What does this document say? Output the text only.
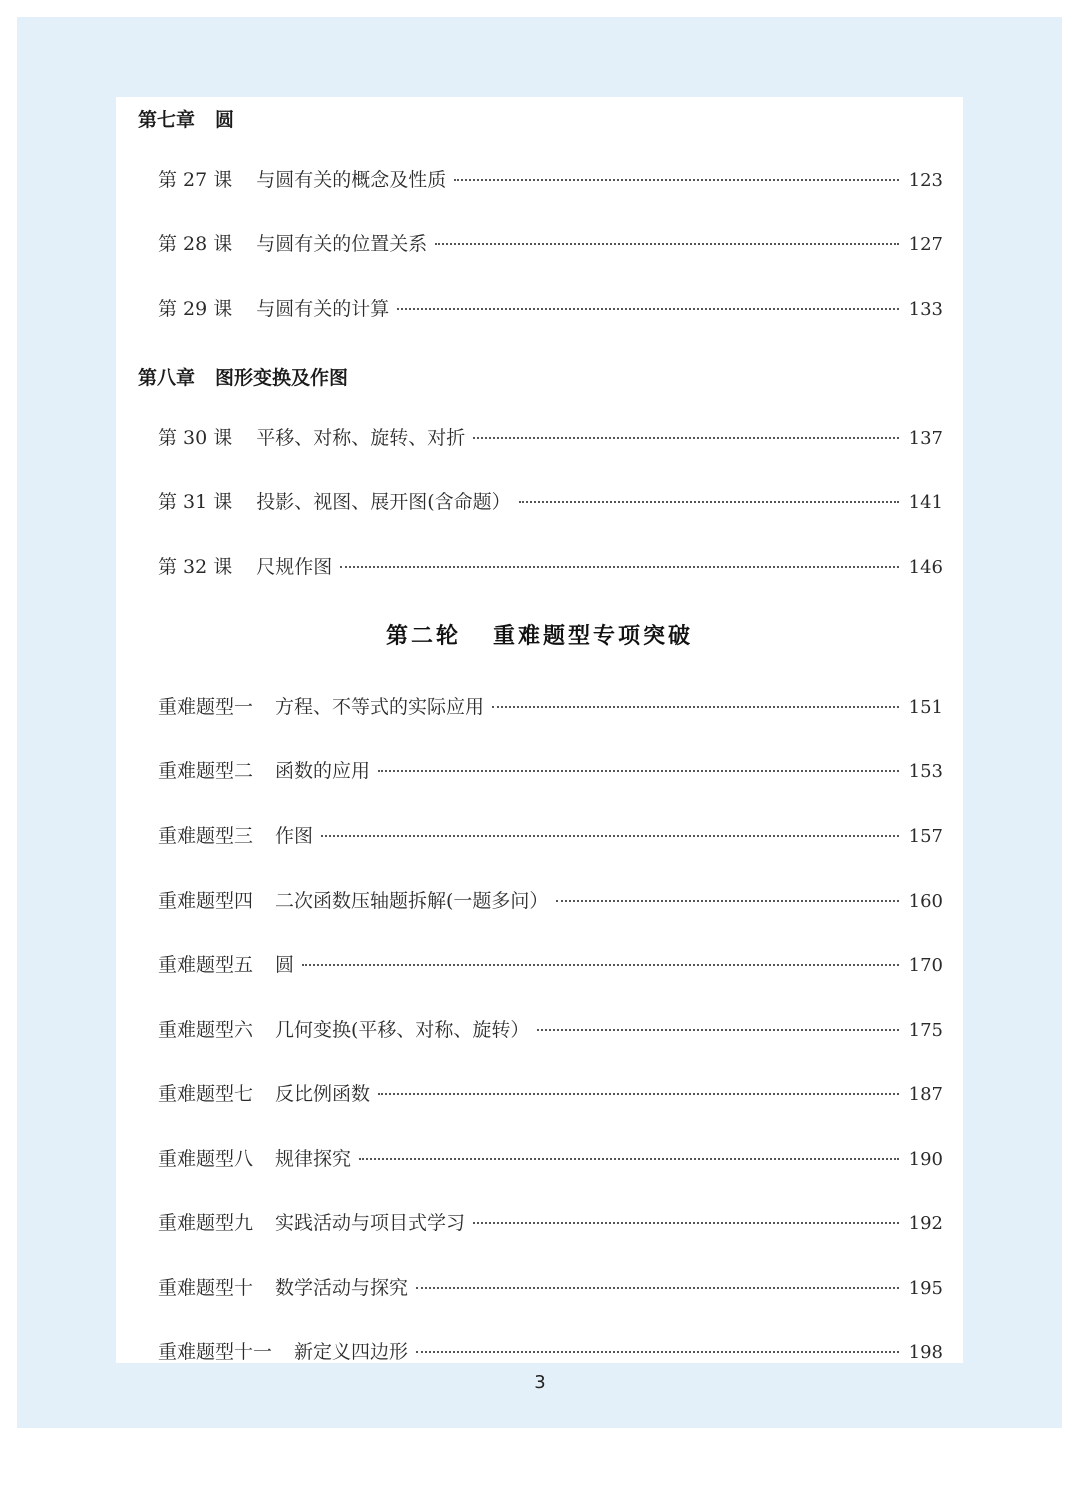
第七章 圆
第 27 课 与圆有关的概念及性质	123
第 28 课 与圆有关的位置关系	127
第 29 课 与圆有关的计算	133
第八章 图形变换及作图
第 30 课 平移、对称、旋转、对折	137
第 31 课 投影、视图、展开图(含命题）	141
第 32 课 尺规作图	146
第二轮 重难题型专项突破
重难题型一 方程、不等式的实际应用	151
重难题型二 函数的应用	153
重难题型三 作图	157
重难题型四 二次函数压轴题拆解(一题多问）	160
重难题型五 圆	170
重难题型六 几何变换(平移、对称、旋转）	175
重难题型七 反比例函数	187
重难题型八 规律探究	190
重难题型九 实践活动与项目式学习	192
重难题型十 数学活动与探究	195
重难题型十一 新定义四边形	198
3
